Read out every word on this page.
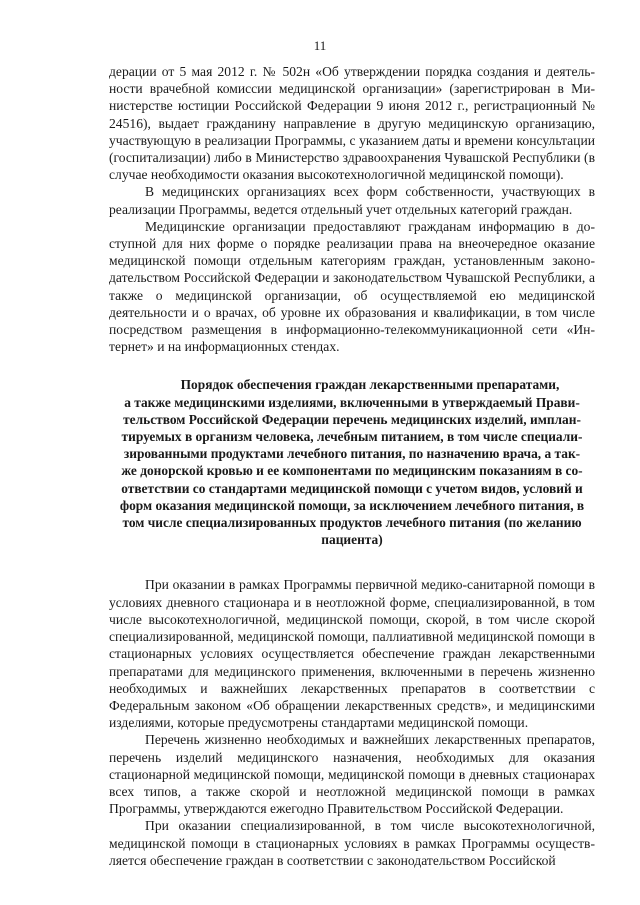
11

дерации от 5 мая 2012 г. № 502н «Об утверждении порядка создания и деятельности врачебной комиссии медицинской организации» (зарегистрирован в Министерстве юстиции Российской Федерации 9 июня 2012 г., регистрационный № 24516), выдает гражданину направление в другую медицинскую организацию, участвующую в реализации Программы, с указанием даты и времени консультации (госпитализации) либо в Министерство здравоохранения Чувашской Республики (в случае необходимости оказания высокотехнологичной медицинской помощи).

В медицинских организациях всех форм собственности, участвующих в реализации Программы, ведется отдельный учет отдельных категорий граждан.

Медицинские организации предоставляют гражданам информацию в доступной для них форме о порядке реализации права на внеочередное оказание медицинской помощи отдельным категориям граждан, установленным законодательством Российской Федерации и законодательством Чувашской Республики, а также о медицинской организации, об осуществляемой ею медицинской деятельности и о врачах, об уровне их образования и квалификации, в том числе посредством размещения в информационно-телекоммуникационной сети «Интернет» и на информационных стендах.

Порядок обеспечения граждан лекарственными препаратами,
а также медицинскими изделиями, включенными в утверждаемый Прави-
тельством Российской Федерации перечень медицинских изделий, имплан-
тируемых в организм человека, лечебным питанием, в том числе специали-
зированными продуктами лечебного питания, по назначению врача, а так-
же донорской кровью и ее компонентами по медицинским показаниям в со-
ответствии со стандартами медицинской помощи с учетом видов, условий и
форм оказания медицинской помощи, за исключением лечебного питания, в
том числе специализированных продуктов лечебного питания (по желанию
пациента)

При оказании в рамках Программы первичной медико-санитарной помощи в условиях дневного стационара и в неотложной форме, специализированной, в том числе высокотехнологичной, медицинской помощи, скорой, в том числе скорой специализированной, медицинской помощи, паллиативной медицинской помощи в стационарных условиях осуществляется обеспечение граждан лекарственными препаратами для медицинского применения, включенными в перечень жизненно необходимых и важнейших лекарственных препаратов в соответствии с Федеральным законом «Об обращении лекарственных средств», и медицинскими изделиями, которые предусмотрены стандартами медицинской помощи.

Перечень жизненно необходимых и важнейших лекарственных препаратов, перечень изделий медицинского назначения, необходимых для оказания стационарной медицинской помощи, медицинской помощи в дневных стационарах всех типов, а также скорой и неотложной медицинской помощи в рамках Программы, утверждаются ежегодно Правительством Российской Федерации.

При оказании специализированной, в том числе высокотехнологичной, медицинской помощи в стационарных условиях в рамках Программы осуществляется обеспечение граждан в соответствии с законодательством Российской
